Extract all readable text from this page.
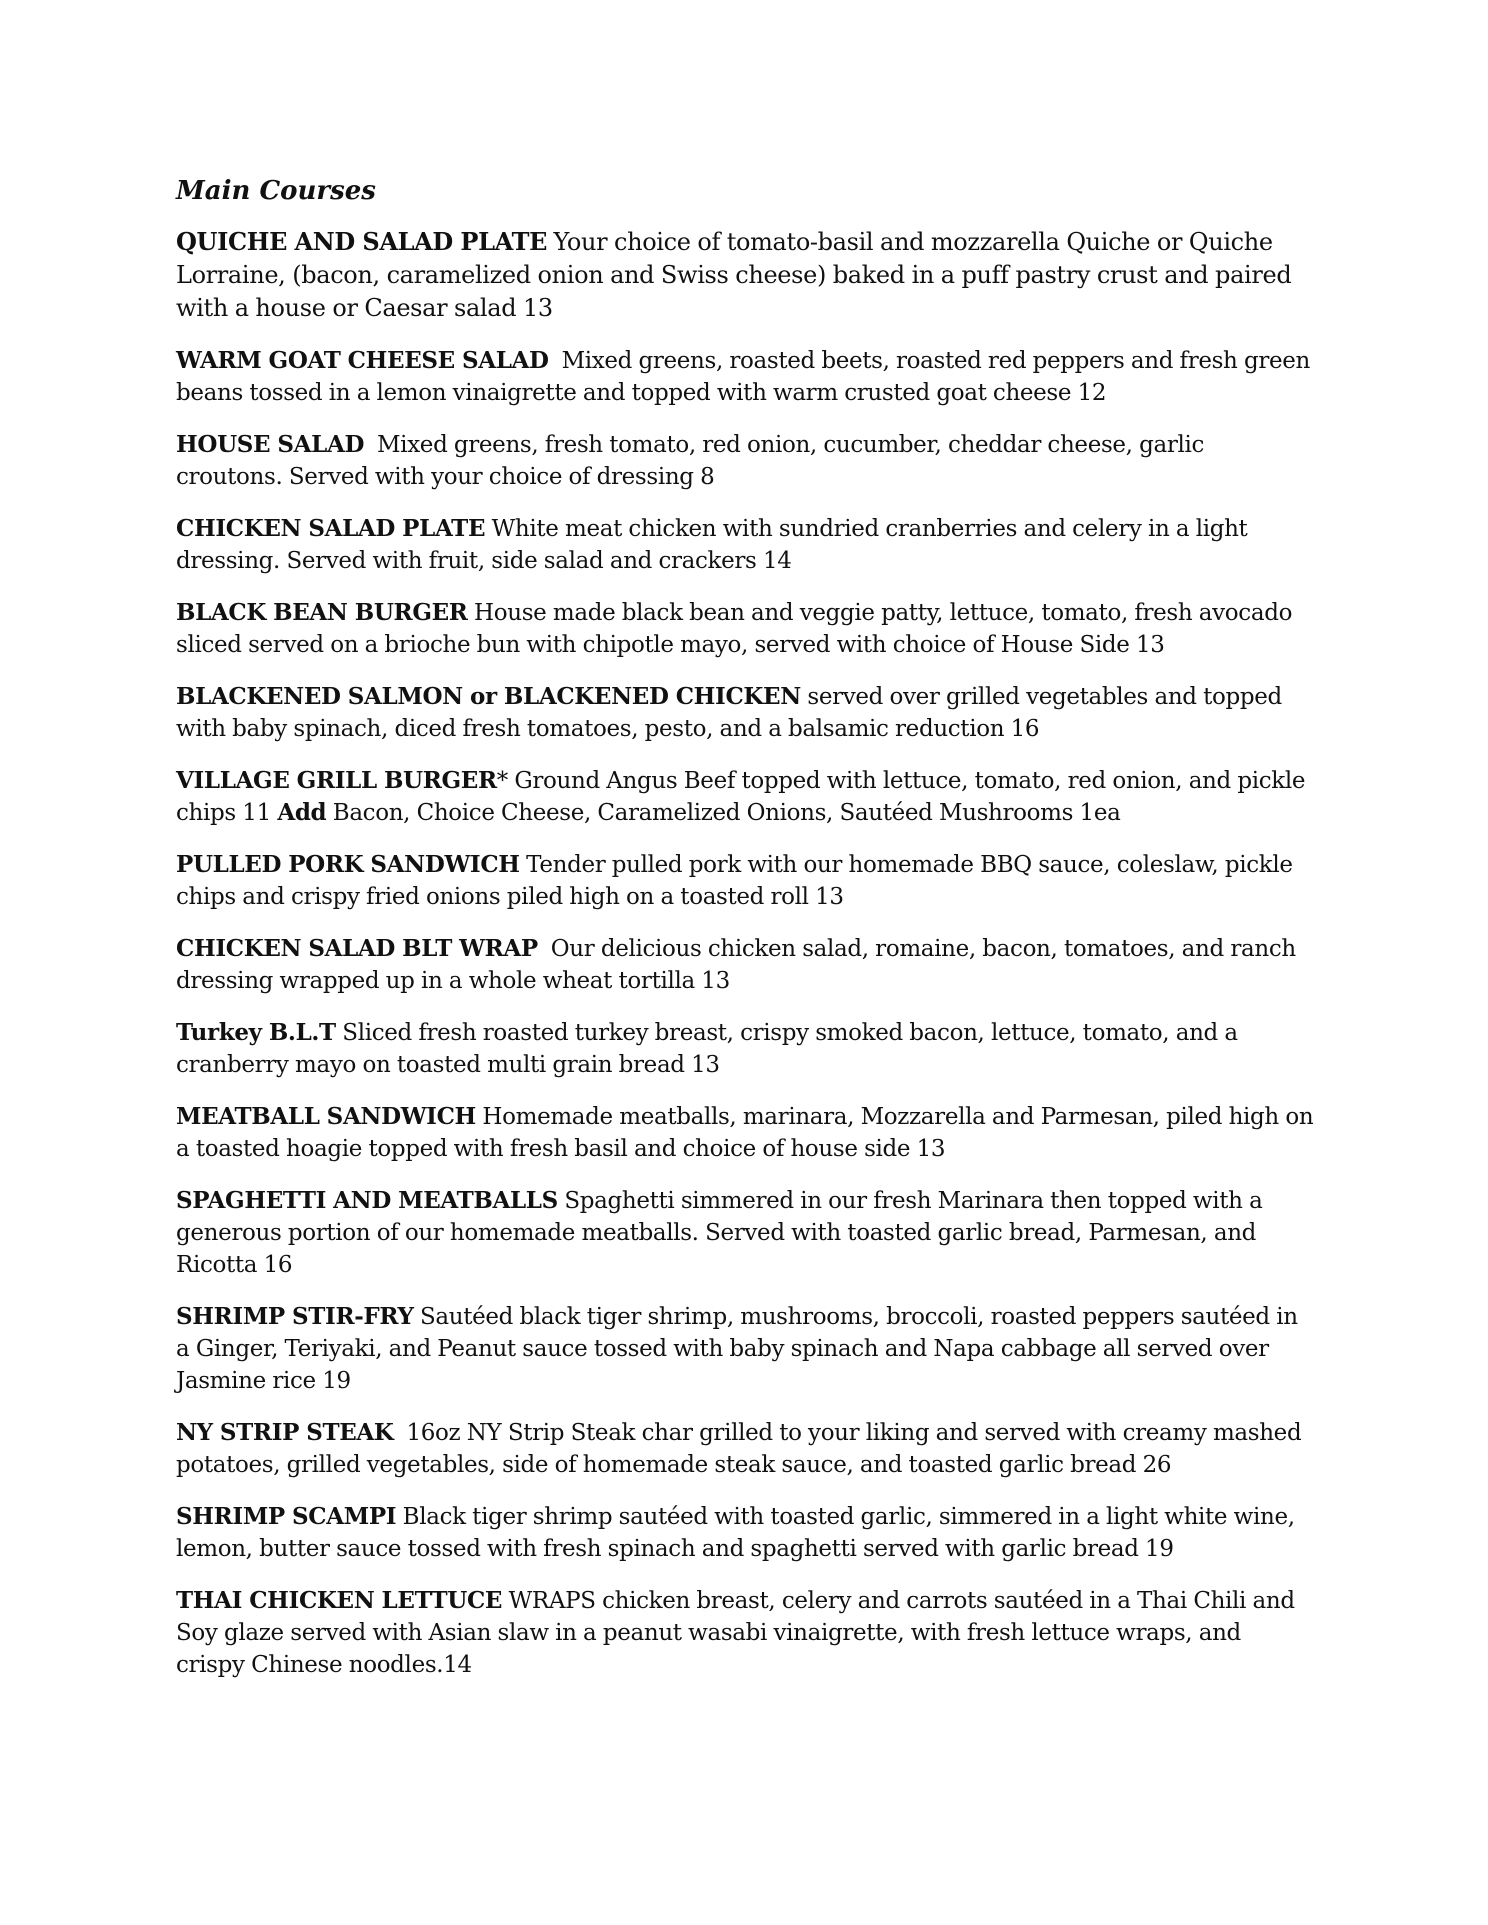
Main Courses

QUICHE AND SALAD PLATE Your choice of tomato-basil and mozzarella Quiche or Quiche Lorraine, (bacon, caramelized onion and Swiss cheese) baked in a puff pastry crust and paired with a house or Caesar salad 13

WARM GOAT CHEESE SALAD Mixed greens, roasted beets, roasted red peppers and fresh green beans tossed in a lemon vinaigrette and topped with warm crusted goat cheese 12

HOUSE SALAD Mixed greens, fresh tomato, red onion, cucumber, cheddar cheese, garlic croutons. Served with your choice of dressing 8

CHICKEN SALAD PLATE White meat chicken with sundried cranberries and celery in a light dressing. Served with fruit, side salad and crackers 14

BLACK BEAN BURGER House made black bean and veggie patty, lettuce, tomato, fresh avocado sliced served on a brioche bun with chipotle mayo, served with choice of House Side 13

BLACKENED SALMON or BLACKENED CHICKEN served over grilled vegetables and topped with baby spinach, diced fresh tomatoes, pesto, and a balsamic reduction 16

VILLAGE GRILL BURGER* Ground Angus Beef topped with lettuce, tomato, red onion, and pickle chips 11 Add Bacon, Choice Cheese, Caramelized Onions, Sautéed Mushrooms 1ea

PULLED PORK SANDWICH Tender pulled pork with our homemade BBQ sauce, coleslaw, pickle chips and crispy fried onions piled high on a toasted roll 13

CHICKEN SALAD BLT WRAP Our delicious chicken salad, romaine, bacon, tomatoes, and ranch dressing wrapped up in a whole wheat tortilla 13

Turkey B.L.T Sliced fresh roasted turkey breast, crispy smoked bacon, lettuce, tomato, and a cranberry mayo on toasted multi grain bread 13

MEATBALL SANDWICH Homemade meatballs, marinara, Mozzarella and Parmesan, piled high on a toasted hoagie topped with fresh basil and choice of house side 13

SPAGHETTI AND MEATBALLS Spaghetti simmered in our fresh Marinara then topped with a generous portion of our homemade meatballs. Served with toasted garlic bread, Parmesan, and Ricotta 16

SHRIMP STIR-FRY Sautéed black tiger shrimp, mushrooms, broccoli, roasted peppers sautéed in a Ginger, Teriyaki, and Peanut sauce tossed with baby spinach and Napa cabbage all served over Jasmine rice 19

NY STRIP STEAK 16oz NY Strip Steak char grilled to your liking and served with creamy mashed potatoes, grilled vegetables, side of homemade steak sauce, and toasted garlic bread 26

SHRIMP SCAMPI Black tiger shrimp sautéed with toasted garlic, simmered in a light white wine, lemon, butter sauce tossed with fresh spinach and spaghetti served with garlic bread 19

THAI CHICKEN LETTUCE WRAPS chicken breast, celery and carrots sautéed in a Thai Chili and Soy glaze served with Asian slaw in a peanut wasabi vinaigrette, with fresh lettuce wraps, and crispy Chinese noodles.14
